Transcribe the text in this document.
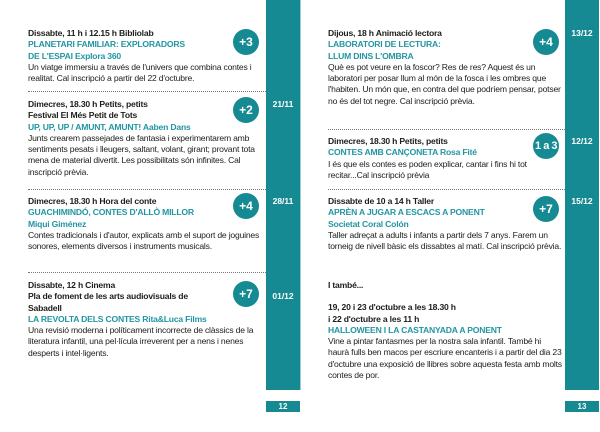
21/11
28/11
01/12
12
Dissabte, 11 h i 12.15 h Bibliolab
PLANETARI FAMILIAR: EXPLORADORS
DE L'ESPAI Explora 360
Un viatge immersiu a través de l'univers que combina contes i realitat. Cal inscripció a partir del 22 d'octubre.
+3
Dimecres, 18.30 h Petits, petits
Festival El Més Petit de Tots
UP, UP, UP / AMUNT, AMUNT! Aaben Dans
Junts crearem passejades de fantasia i experimentarem amb sentiments pesats i lleugers, saltant, volant, girant; provant tota mena de material divertit. Les possibilitats són infinites. Cal inscripció prèvia.
+2
Dimecres, 18.30 h Hora del conte
GUACHIMINDÓ, CONTES D'ALLÒ MILLOR
Miqui Giménez
Contes tradicionals i d'autor, explicats amb el suport de joguines sonores, elements diversos i instruments musicals.
+4
Dissabte, 12 h Cinema
Pla de foment de les arts audiovisuals de Sabadell
LA REVOLTA DELS CONTES Rita&Luca Films
Una revisió moderna i políticament incorrecte de clàssics de la literatura infantil, una pel·lícula irreverent per a nens i nenes desperts i intel·ligents.
+7
13/12
12/12
15/12
13
Dijous, 18 h Animació lectora
LABORATORI DE LECTURA:
LLUM DINS L'OMBRA
Què es pot veure en la foscor? Res de res? Aquest és un laboratori per posar llum al món de la fosca i les ombres que l'habiten. Un món que, en contra del que podríem pensar, potser no és del tot negre. Cal inscripció prèvia.
+4
Dimecres, 18.30 h Petits, petits
CONTES AMB CANÇONETA Rosa Fité
I és que els contes es poden explicar, cantar i fins hi tot recitar...Cal inscripció prèvia
1 a 3
Dissabte de 10 a 14 h Taller
APRÈN A JUGAR A ESCACS A PONENT
Societat Coral Colón
Taller adreçat a adults i infants a partir dels 7 anys. Farem un torneig de nivell bàsic els dissabtes al matí. Cal inscripció prèvia.
+7
I també...
19, 20 i 23 d'octubre a les 18.30 h
i 22 d'octubre a les 11 h
HALLOWEEN I LA CASTANYADA A PONENT
Vine a pintar fantasmes per la nostra sala infantil. També hi haurà fulls ben macos per escriure encanteris i a partir del dia 23 d'octubre una exposició de llibres sobre aquesta festa amb molts contes de por.
